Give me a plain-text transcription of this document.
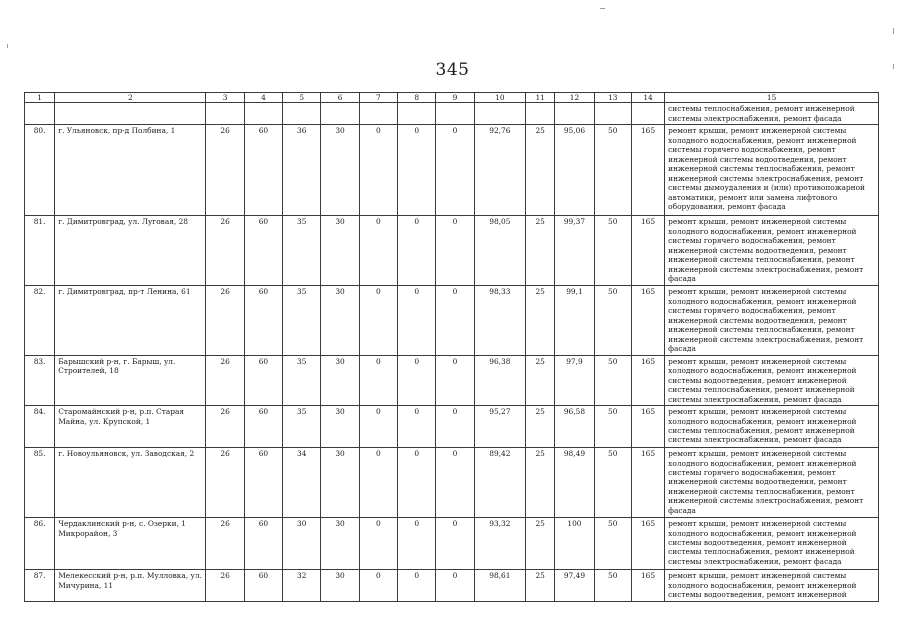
345
1	2	3	4	5	6	7	8	9	10	11	12	13	14	15
														системы теплоснабжения, ремонт инженерной системы электроснабжения, ремонт фасада
80.	г. Ульяновск, пр-д Полбина, 1	26	60	36	30	0	0	0	92,76	25	95,06	50	165	ремонт крыши, ремонт инженерной системы холодного водоснабжения, ремонт инженерной системы горячего водоснабжения, ремонт инженерной системы водоотведения, ремонт инженерной системы теплоснабжения, ремонт инженерной системы электроснабжения, ремонт системы дымоудаления и (или) противопожарной автоматики, ремонт или замена лифтового оборудования, ремонт фасада
81.	г. Димитровград, ул. Луговая, 28	26	60	35	30	0	0	0	98,05	25	99,37	50	165	ремонт крыши, ремонт инженерной системы холодного водоснабжения, ремонт инженерной системы горячего водоснабжения, ремонт инженерной системы водоотведения, ремонт инженерной системы теплоснабжения, ремонт инженерной системы электроснабжения, ремонт фасада
82.	г. Димитровград, пр-т Ленина, 61	26	60	35	30	0	0	0	98,33	25	99,1	50	165	ремонт крыши, ремонт инженерной системы холодного водоснабжения, ремонт инженерной системы горячего водоснабжения, ремонт инженерной системы водоотведения, ремонт инженерной системы теплоснабжения, ремонт инженерной системы электроснабжения, ремонт фасада
83.	Барышский р-н, г. Барыш, ул. Строителей, 18	26	60	35	30	0	0	0	96,38	25	97,9	50	165	ремонт крыши, ремонт инженерной системы холодного водоснабжения, ремонт инженерной системы водоотведения, ремонт инженерной системы теплоснабжения, ремонт инженерной системы электроснабжения, ремонт фасада
84.	Старомайнский р-н, р.п. Старая Майна, ул. Крупской, 1	26	60	35	30	0	0	0	95,27	25	96,58	50	165	ремонт крыши, ремонт инженерной системы холодного водоснабжения, ремонт инженерной системы теплоснабжения, ремонт инженерной системы электроснабжения, ремонт фасада
85.	г. Новоульяновск, ул. Заводская, 2	26	60	34	30	0	0	0	89,42	25	98,49	50	165	ремонт крыши, ремонт инженерной системы холодного водоснабжения, ремонт инженерной системы горячего водоснабжения, ремонт инженерной системы водоотведения, ремонт инженерной системы теплоснабжения, ремонт инженерной системы электроснабжения, ремонт фасада
86.	Чердаклинский р-н, с. Озерки, 1 Микрорайон, 3	26	60	30	30	0	0	0	93,32	25	100	50	165	ремонт крыши, ремонт инженерной системы холодного водоснабжения, ремонт инженерной системы водоотведения, ремонт инженерной системы теплоснабжения, ремонт инженерной системы электроснабжения, ремонт фасада
87.	Мелекесский р-н, р.п. Мулловка, ул. Мичурина, 11	26	60	32	30	0	0	0	98,61	25	97,49	50	165	ремонт крыши, ремонт инженерной системы холодного водоснабжения, ремонт инженерной системы водоотведения, ремонт инженерной
